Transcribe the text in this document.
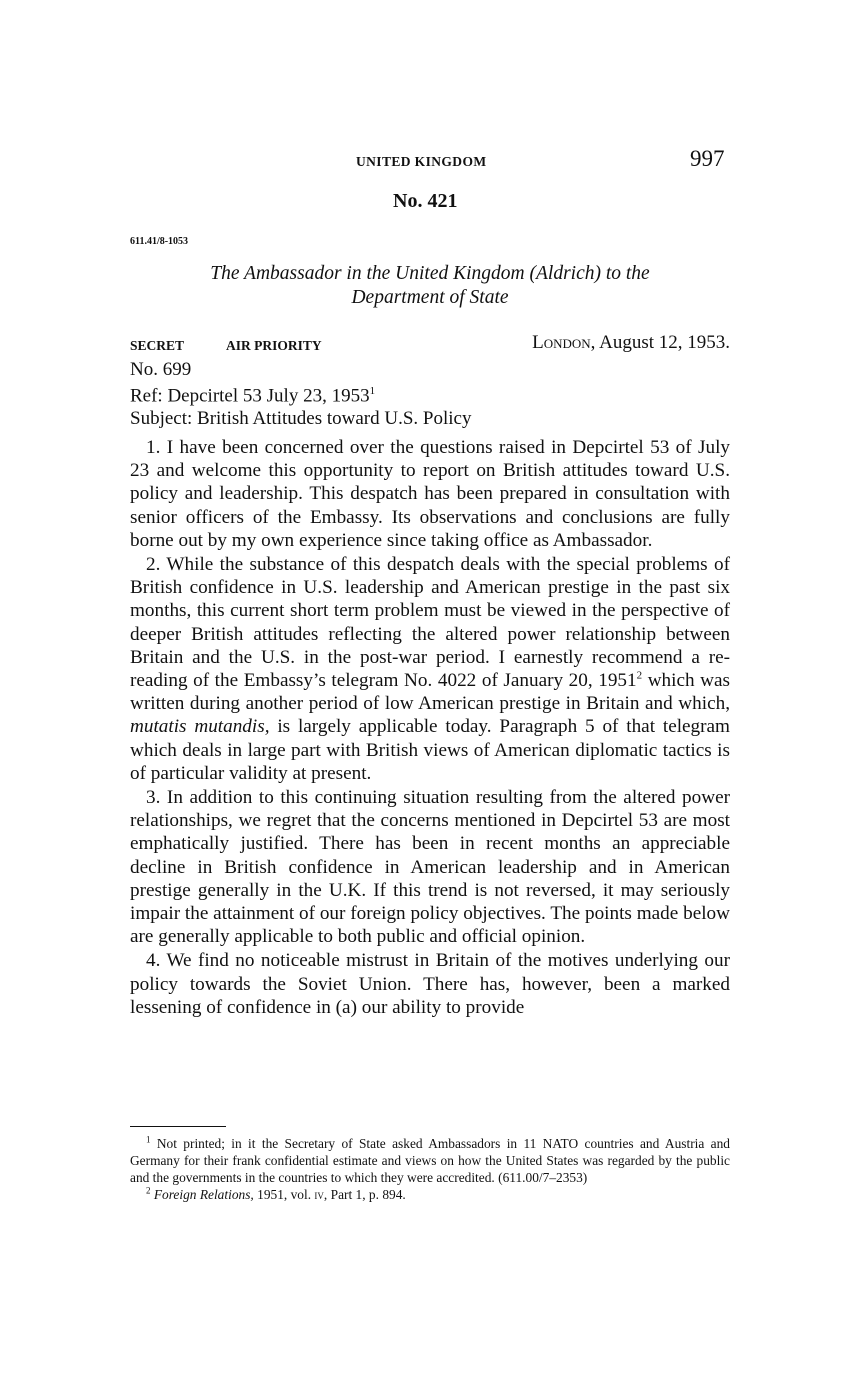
UNITED KINGDOM	997
No. 421
611.41/8-1053
The Ambassador in the United Kingdom (Aldrich) to the
Department of State
SECRET	AIR PRIORITY	London, August 12, 1953.
No. 699
Ref: Depcirtel 53 July 23, 1953$^1$
Subject: British Attitudes toward U.S. Policy

1. I have been concerned over the questions raised in Depcirtel 53 of July 23 and welcome this opportunity to report on British attitudes toward U.S. policy and leadership. This despatch has been prepared in consultation with senior officers of the Embassy. Its observations and conclusions are fully borne out by my own experience since taking office as Ambassador.

2. While the substance of this despatch deals with the special problems of British confidence in U.S. leadership and American prestige in the past six months, this current short term problem must be viewed in the perspective of deeper British attitudes reflecting the altered power relationship between Britain and the U.S. in the post-war period. I earnestly recommend a re-reading of the Embassy’s telegram No. 4022 of January 20, 1951$^2$ which was written during another period of low American prestige in Britain and which, mutatis mutandis, is largely applicable today. Paragraph 5 of that telegram which deals in large part with British views of American diplomatic tactics is of particular validity at present.

3. In addition to this continuing situation resulting from the altered power relationships, we regret that the concerns mentioned in Depcirtel 53 are most emphatically justified. There has been in recent months an appreciable decline in British confidence in American leadership and in American prestige generally in the U.K. If this trend is not reversed, it may seriously impair the attainment of our foreign policy objectives. The points made below are generally applicable to both public and official opinion.

4. We find no noticeable mistrust in Britain of the motives underlying our policy towards the Soviet Union. There has, however, been a marked lessening of confidence in (a) our ability to provide

$^1$ Not printed; in it the Secretary of State asked Ambassadors in 11 NATO countries and Austria and Germany for their frank confidential estimate and views on how the United States was regarded by the public and the governments in the countries to which they were accredited. (611.00/7–2353)

$^2$ Foreign Relations, 1951, vol. iv, Part 1, p. 894.
